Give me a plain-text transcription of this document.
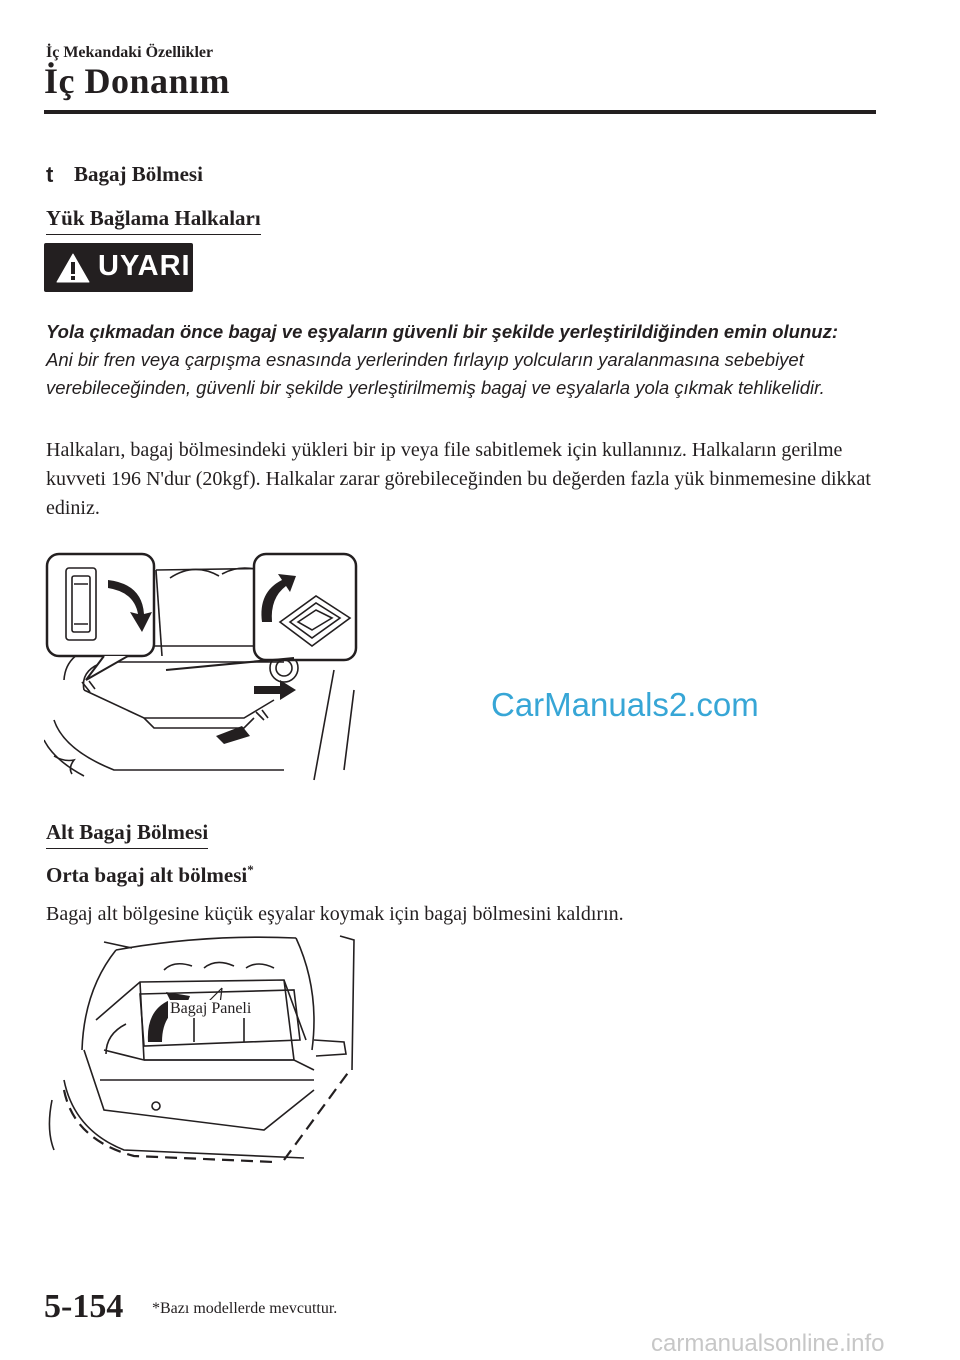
İç Mekandaki Özellikler
İç Donanım
t Bagaj Bölmesi
Yük Bağlama Halkaları
UYARI
Yola çıkmadan önce bagaj ve eşyaların güvenli bir şekilde yerleştirildiğinden emin olunuz:
Ani bir fren veya çarpışma esnasında yerlerinden fırlayıp yolcuların yaralanmasına sebebiyet verebileceğinden, güvenli bir şekilde yerleştirilmemiş bagaj ve eşyalarla yola çıkmak tehlikelidir.
Halkaları, bagaj bölmesindeki yükleri bir ip veya file sabitlemek için kullanınız. Halkaların gerilme kuvveti 196 N'dur (20kgf). Halkalar zarar görebileceğinden bu değerden fazla yük binmemesine dikkat ediniz.
CarManuals2.com
Alt Bagaj Bölmesi
Orta bagaj alt bölmesi*
Bagaj alt bölgesine küçük eşyalar koymak için bagaj bölmesini kaldırın.
Bagaj Paneli
5-154 *Bazı modellerde mevcuttur.
carmanualsonline.info
